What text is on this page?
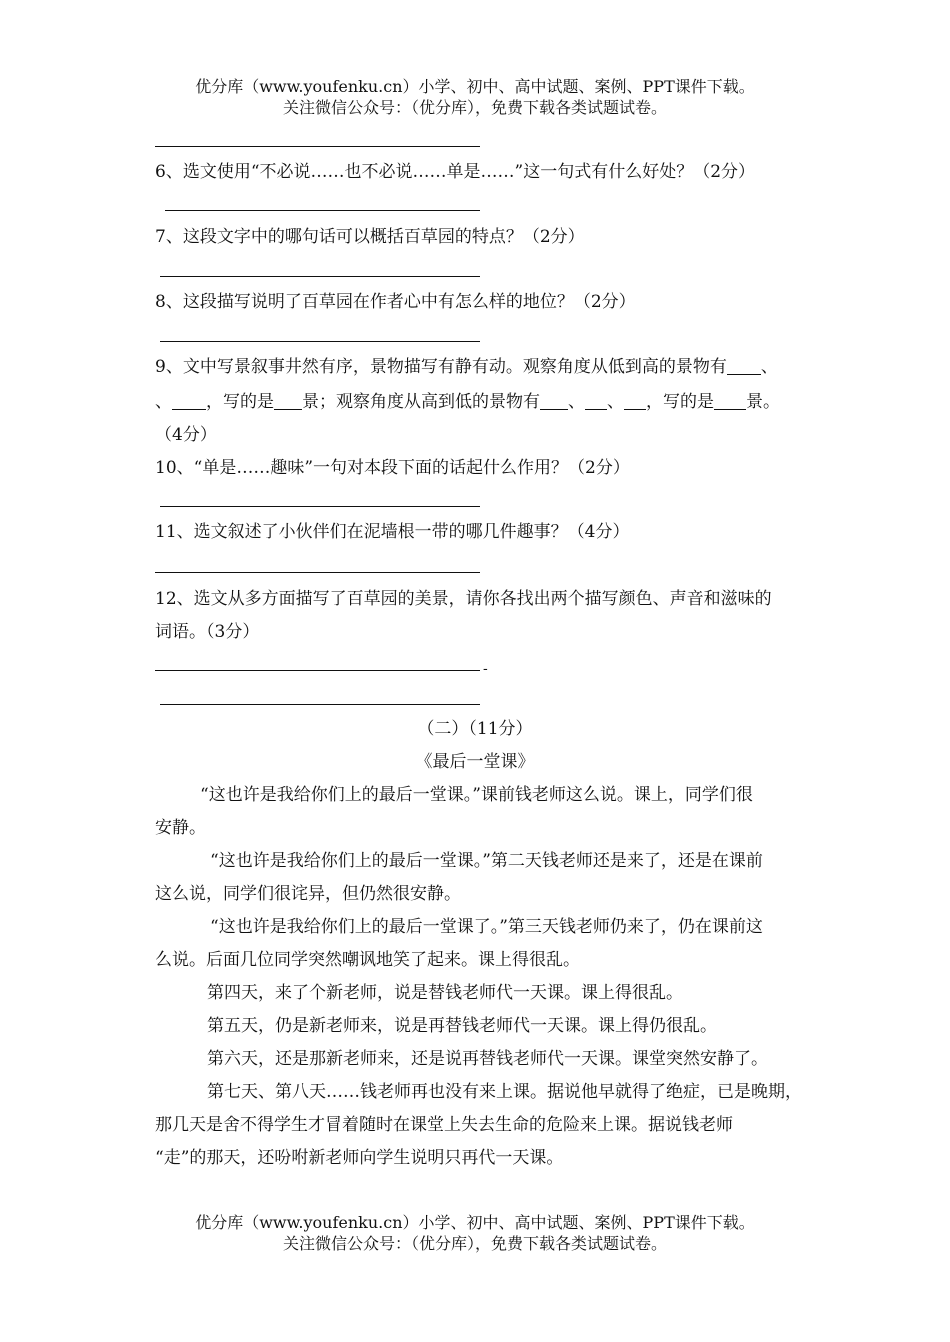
优分库（www.youfenku.cn）小学、初中、高中试题、案例、PPT课件下载。
关注微信公众号：（优分库），免费下载各类试题试卷。
6、选文使用“不必说……也不必说……单是……”这一句式有什么好处？（2分）
7、这段文字中的哪句话可以概括百草园的特点？（2分）
8、这段描写说明了百草园在作者心中有怎么样的地位？（2分）
9、文中写景叙事井然有序，景物描写有静有动。观察角度从低到高的景物有 、
、 ，写的是 景；观察角度从高到低的景物有 、 、 ，写的是 景。
（4分）
10、“单是……趣味”一句对本段下面的话起什么作用？（2分）
11、选文叙述了小伙伴们在泥墙根一带的哪几件趣事？（4分）
12、选文从多方面描写了百草园的美景，请你各找出两个描写颜色、声音和滋味的
词语。（3分）
-
（二）（11分）
《最后一堂课》
“这也许是我给你们上的最后一堂课。”课前钱老师这么说。课上，同学们很
安静。
“这也许是我给你们上的最后一堂课。”第二天钱老师还是来了，还是在课前
这么说，同学们很诧异，但仍然很安静。
“这也许是我给你们上的最后一堂课了。”第三天钱老师仍来了，仍在课前这
么说。后面几位同学突然嘲讽地笑了起来。课上得很乱。
第四天，来了个新老师，说是替钱老师代一天课。课上得很乱。
第五天，仍是新老师来，说是再替钱老师代一天课。课上得仍很乱。
第六天，还是那新老师来，还是说再替钱老师代一天课。课堂突然安静了。
第七天、第八天……钱老师再也没有来上课。据说他早就得了绝症，已是晚期，
那几天是舍不得学生才冒着随时在课堂上失去生命的危险来上课。据说钱老师
“走”的那天，还吩咐新老师向学生说明只再代一天课。
优分库（www.youfenku.cn）小学、初中、高中试题、案例、PPT课件下载。
关注微信公众号：（优分库），免费下载各类试题试卷。
